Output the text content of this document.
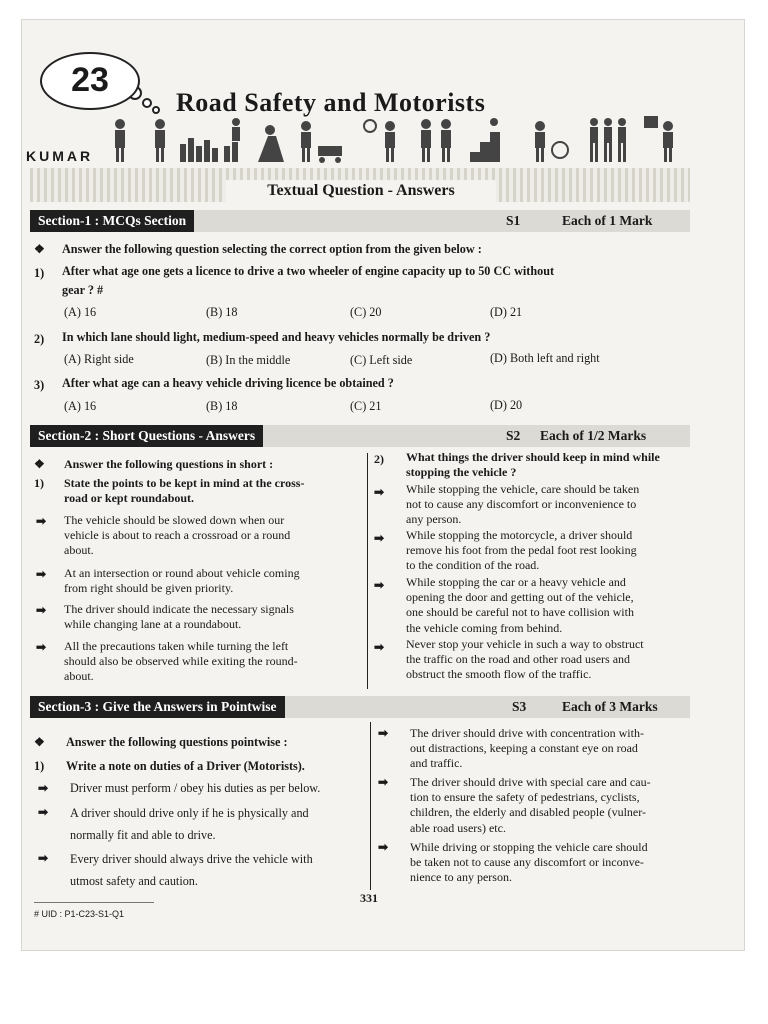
23
Road Safety and Motorists
KUMAR
Textual Question - Answers
Section-1 : MCQs Section	S1	Each of 1 Mark
❖ Answer the following question selecting the correct option from the given below :
1) After what age one gets a licence to drive a two wheeler of engine capacity up to 50 CC without
gear ? #
(A) 16	(B) 18	(C) 20	(D) 21
2) In which lane should light, medium-speed and heavy vehicles normally be driven ?
(A) Right side	(B) In the middle	(C) Left side	(D) Both left and right
3) After what age can a heavy vehicle driving licence be obtained ?
(A) 16	(B) 18	(C) 21	(D) 20
Section-2 : Short Questions - Answers	S2 Each of 1/2 Marks
❖ Answer the following questions in short :
1) State the points to be kept in mind at the cross-
road or kept roundabout.
➡ The vehicle should be slowed down when our
vehicle is about to reach a crossroad or a round
about.
➡ At an intersection or round about vehicle coming
from right should be given priority.
➡ The driver should indicate the necessary signals
while changing lane at a roundabout.
➡ All the precautions taken while turning the left
should also be observed while exiting the round-
about.
2) What things the driver should keep in mind while
stopping the vehicle ?
➡ While stopping the vehicle, care should be taken
not to cause any discomfort or inconvenience to
any person.
➡ While stopping the motorcycle, a driver should
remove his foot from the pedal foot rest looking
to the condition of the road.
➡ While stopping the car or a heavy vehicle and
opening the door and getting out of the vehicle,
one should be careful not to have collision with
the vehicle coming from behind.
➡ Never stop your vehicle in such a way to obstruct
the traffic on the road and other road users and
obstruct the smooth flow of the traffic.
Section-3 : Give the Answers in Pointwise	S3	Each of 3 Marks
❖ Answer the following questions pointwise :
1) Write a note on duties of a Driver (Motorists).
➡ Driver must perform / obey his duties as per below.
➡ A driver should drive only if he is physically and
normally fit and able to drive.
➡ Every driver should always drive the vehicle with
utmost safety and caution.
➡ The driver should drive with concentration with-
out distractions, keeping a constant eye on road
and traffic.
➡ The driver should drive with special care and cau-
tion to ensure the safety of pedestrians, cyclists,
children, the elderly and disabled people (vulner-
able road users) etc.
➡ While driving or stopping the vehicle care should
be taken not to cause any discomfort or inconve-
nience to any person.
331
# UID : P1-C23-S1-Q1
